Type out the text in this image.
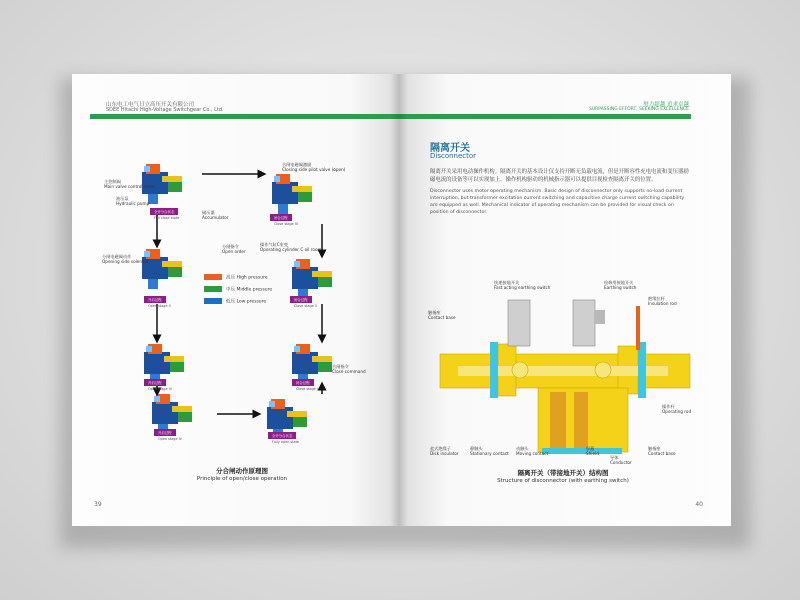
山东电工电气日立高压开关有限公司
SDEE Hitachi High-Voltage Switchgear Co., Ltd.
全开分合状态
Full close state	闭合过程
Close stage III
开启过程
Open stage II
闭合过程
Close stage II
开启过程
Open stage III
闭合过程
Close stage I
开启过程
Open stage IV
全开分合状态
Fully open state
主控制阀
Main valve control room
液压泵
Hydraulic pump
储压器
Accumulator
分闸指令
Open order
合闸指令
Close command
合闸电磁阀激励
Closing side pilot valve (open)
操作气缸C室变
Operating cylinder C oil room
分闸电磁阀动作
Opening side solenoid
高压 High pressure
中压 Middle pressure
低压 Low pressure
分合闸动作原理图
Principle of open/close operation
39
努力超越 追求卓越
SURPASSING EFFORT, SEEKING EXCELLENCE
隔离开关
Disconnector
隔离开关采用电动操作机构。隔离开关的基本设计仅支持开断无负载电流，但是开断容性充电电流和变压器励磁电流的设备等可以实现加上。操作机构驱动的机械指示器可以提供目视检查隔离开关的位置。
Disconnector uses motor operating mechanism. Basic design of disconnector only supports no-load current interruption, but transformer excitation current switching and capacitive charge current switching capability are equipped as well. Mechanical indicator of operating mechanism can be provided for visual check on position of disconnector.
快速接地开关
Fast acting earthing switch
检修用接地开关
Earthing switch
触指座
Contact base
绝缘拉杆
Insulation rod
操作杆
Operating rod
盆式绝缘子
Disk insulator
静触头
Stationary contact
动触头
Moving contact
屏蔽
Shield
导体
Conductor
触指座
Contact base
隔离开关（带接地开关）结构图
Structure of disconnector (with earthing switch)
40
